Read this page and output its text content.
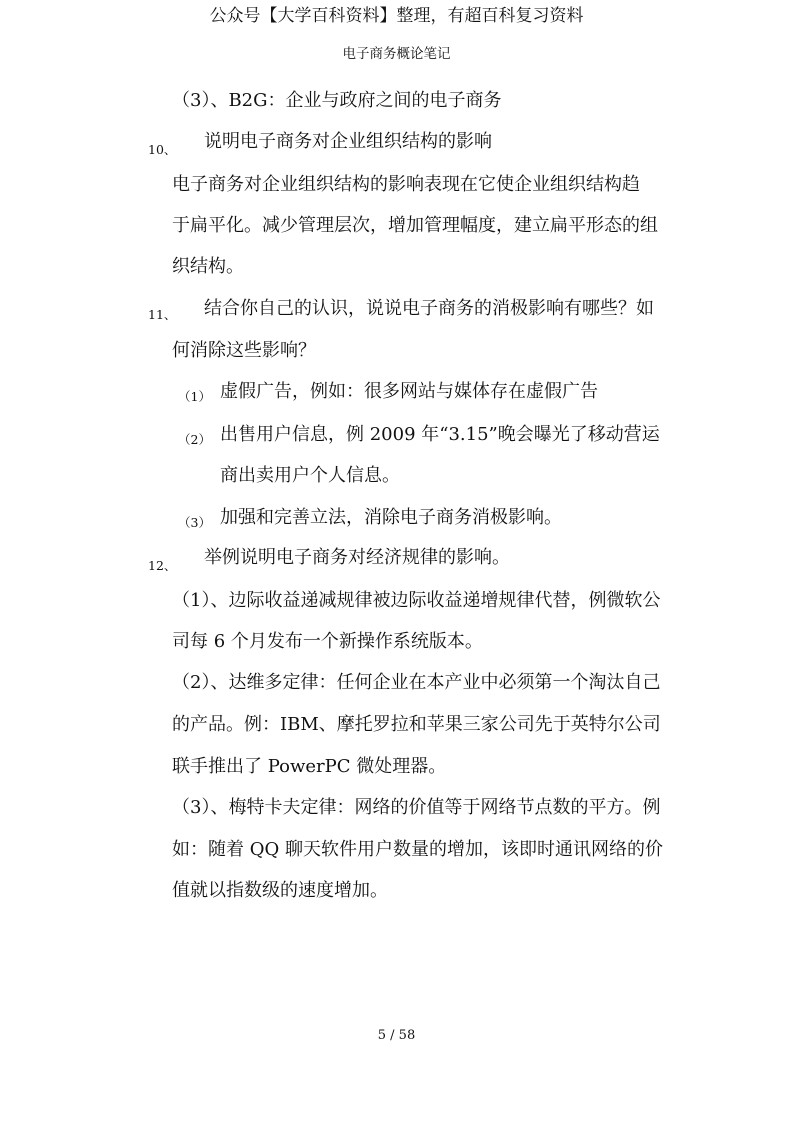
公众号【大学百科资料】整理，有超百科复习资料
电子商务概论笔记
（3）、B2G：企业与政府之间的电子商务
10、 说明电子商务对企业组织结构的影响
电子商务对企业组织结构的影响表现在它使企业组织结构趋
于扁平化。减少管理层次，增加管理幅度，建立扁平形态的组
织结构。
11、 结合你自己的认识，说说电子商务的消极影响有哪些？如
何消除这些影响？
（1） 虚假广告，例如：很多网站与媒体存在虚假广告
（2） 出售用户信息，例 2009 年“3.15”晚会曝光了移动营运
商出卖用户个人信息。
（3） 加强和完善立法，消除电子商务消极影响。
12、 举例说明电子商务对经济规律的影响。
（1）、边际收益递减规律被边际收益递增规律代替，例微软公
司每 6 个月发布一个新操作系统版本。
（2）、达维多定律：任何企业在本产业中必须第一个淘汰自己
的产品。例：IBM、摩托罗拉和苹果三家公司先于英特尔公司
联手推出了 PowerPC 微处理器。
（3）、梅特卡夫定律：网络的价值等于网络节点数的平方。例
如：随着 QQ 聊天软件用户数量的增加，该即时通讯网络的价
值就以指数级的速度增加。
5 / 58
